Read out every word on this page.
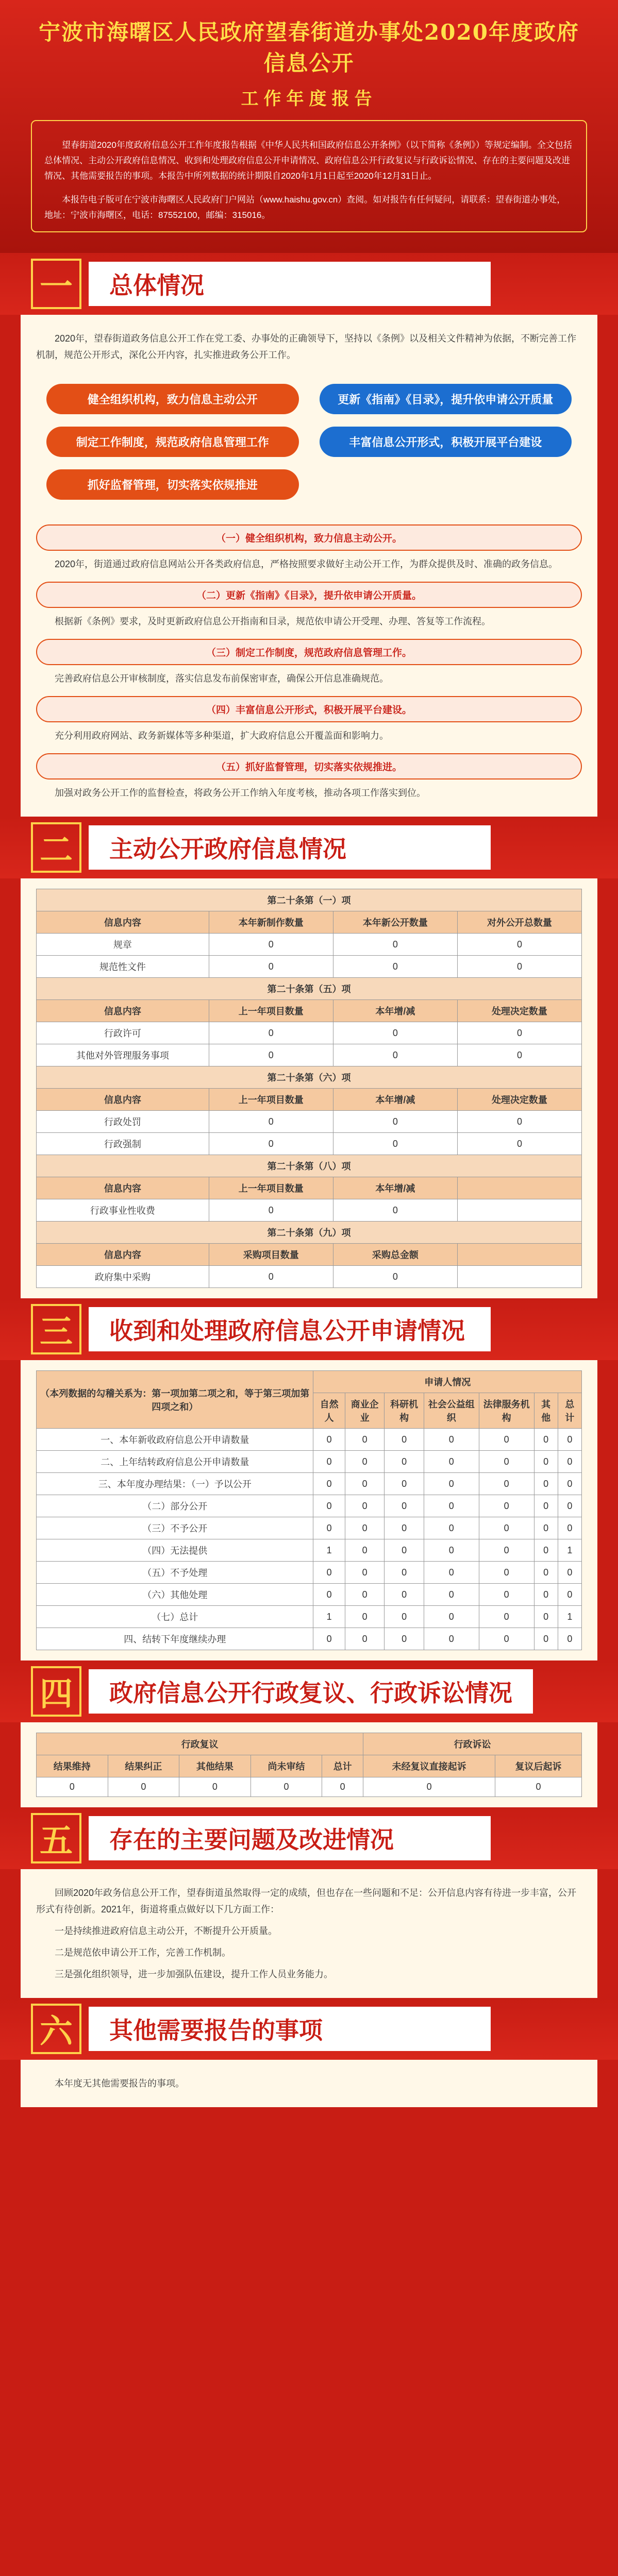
宁波市海曙区人民政府望春街道办事处2020年度政府信息公开
工作年度报告

望春街道2020年度政府信息公开工作年度报告根据《中华人民共和国政府信息公开条例》（以下简称《条例》）等规定编制。全文包括总体情况、主动公开政府信息情况、收到和处理政府信息公开申请情况、政府信息公开行政复议与行政诉讼情况、存在的主要问题及改进情况、其他需要报告的事项。本报告中所列数据的统计期限自2020年1月1日起至2020年12月31日止。

本报告电子版可在宁波市海曙区人民政府门户网站（www.haishu.gov.cn）查阅。如对报告有任何疑问，请联系：望春街道办事处，地址：宁波市海曙区，电话：87552100，邮编：315016。

一	总体情况

2020年，望春街道政务信息公开工作在党工委、办事处的正确领导下，坚持以《条例》以及相关文件精神为依据，不断完善工作机制，规范公开形式，深化公开内容，扎实推进政务公开工作。

健全组织机构，致力信息主动公开	更新《指南》《目录》，提升依申请公开质量
制定工作制度，规范政府信息管理工作	丰富信息公开形式，积极开展平台建设
抓好监督管理，切实落实依规推进
（一）健全组织机构，致力信息主动公开。

2020年，街道通过政府信息网站公开各类政府信息，严格按照要求做好主动公开工作，为群众提供及时、准确的政务信息。

（二）更新《指南》《目录》，提升依申请公开质量。

根据新《条例》要求，及时更新政府信息公开指南和目录，规范依申请公开受理、办理、答复等工作流程。

（三）制定工作制度，规范政府信息管理工作。

完善政府信息公开审核制度，落实信息发布前保密审查，确保公开信息准确规范。

（四）丰富信息公开形式，积极开展平台建设。

充分利用政府网站、政务新媒体等多种渠道，扩大政府信息公开覆盖面和影响力。

（五）抓好监督管理，切实落实依规推进。

加强对政务公开工作的监督检查，将政务公开工作纳入年度考核，推动各项工作落实到位。

二	主动公开政府信息情况
第二十条第（一）项			
信息内容	本年新制作数量	本年新公开数量	对外公开总数量
规章	0	0	0
规范性文件	0	0	0
第二十条第（五）项			
信息内容	上一年项目数量	本年增/减	处理决定数量
行政许可	0	0	0
其他对外管理服务事项	0	0	0
第二十条第（六）项			
信息内容	上一年项目数量	本年增/减	处理决定数量
行政处罚	0	0	0
行政强制	0	0	0
第二十条第（八）项			
信息内容	上一年项目数量	本年增/减	
行政事业性收费	0	0	
第二十条第（九）项			
信息内容	采购项目数量	采购总金额	
政府集中采购	0	0	
三	收到和处理政府信息公开申请情况
（本列数据的勾稽关系为：第一项加第二项之和，等于第三项加第四项之和）	申请人情况						
	自然人	商业企业	科研机构	社会公益组织	法律服务机构	其他	总计
一、本年新收政府信息公开申请数量	0	0	0	0	0	0	0
二、上年结转政府信息公开申请数量	0	0	0	0	0	0	0
三、本年度办理结果：（一）予以公开	0	0	0	0	0	0	0
（二）部分公开	0	0	0	0	0	0	0
（三）不予公开	0	0	0	0	0	0	0
（四）无法提供	1	0	0	0	0	0	1
（五）不予处理	0	0	0	0	0	0	0
（六）其他处理	0	0	0	0	0	0	0
（七）总计	1	0	0	0	0	0	1
四、结转下年度继续办理	0	0	0	0	0	0	0
四	政府信息公开行政复议、行政诉讼情况
行政复议					行政诉讼	
结果维持	结果纠正	其他结果	尚未审结	总计	未经复议直接起诉	复议后起诉
0	0	0	0	0	0	0
五	存在的主要问题及改进情况

回顾2020年政务信息公开工作，望春街道虽然取得一定的成绩，但也存在一些问题和不足：公开信息内容有待进一步丰富，公开形式有待创新。2021年，街道将重点做好以下几方面工作：

一是持续推进政府信息主动公开，不断提升公开质量。

二是规范依申请公开工作，完善工作机制。

三是强化组织领导，进一步加强队伍建设，提升工作人员业务能力。

六	其他需要报告的事项

本年度无其他需要报告的事项。
